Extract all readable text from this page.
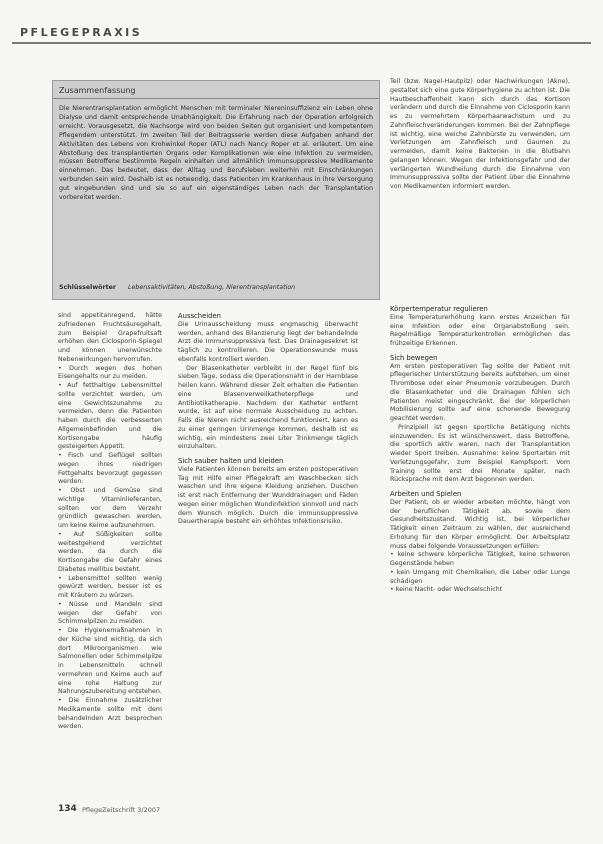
PFLEGEPRAXIS
Zusammenfassung
Die Nierentransplantation ermöglicht Menschen mit terminaler Niereninsuffizienz ein Leben ohne Dialyse und damit entsprechende Unabhängigkeit. Die Erfahrung nach der Operation erfolgreich erreicht. Vorausgesetzt, die Nachsorge wird von beiden Seiten gut organisiert und kompetentem Pflegendem unterstützt. Im zweiten Teil der Beitragsserie werden diese Aufgaben anhand der Aktivitäten des Lebens von Krohwinkel Roper (ATL) nach Nancy Roper et al. erläutert. Um eine Abstoßung des transplantierten Organs oder Komplikationen wie eine Infektion zu vermeiden, müssen Betroffene bestimmte Regeln einhalten und allmählich immunsuppressive Medikamente einnehmen. Das bedeutet, dass der Alltag und Berufsleben weiterhin mit Einschränkungen verbunden sein wird. Deshalb ist es notwendig, dass Patienten im Krankenhaus in ihre Versorgung gut eingebunden sind und sie so auf ein eigenständiges Leben nach der Transplantation vorbereitet werden.
Schlüsselwörter Lebensaktivitäten, Abstoßung, Nierentransplantation
Teil (bzw. Nagel-Hautpilz) oder Nachwirkungen (Akne), gestaltet sich eine gute Körperhygiene zu achten ist. Die Hautbeschaffenheit kann sich durch das Kortison verändern und durch die Einnahme von Ciclosporin kann es zu vermehrtem Körperhaarwachstum und zu Zahnfleischveränderungen kommen. Bei der Zahnpflege ist wichtig, eine weiche Zahnbürste zu verwenden, um Verletzungen am Zahnfleisch und Gaumen zu vermeiden, damit keine Bakterien in die Blutbahn gelangen können. Wegen der Infektionsgefahr und der verlängerten Wundheilung durch die Einnahme von Immunsuppressiva sollte der Patient über die Einnahme von Medikamenten informiert werden.

sind appetitanregend, hätte zufriedenen Fruchtsäuregehalt, zum Beispiel Grapefruitsaft erhöhen den Ciclosporin-Spiegel und können unerwünschte Nebenwirkungen hervorrufen.

• Durch wegen des hohen Eisengehalts nur zu meiden.

• Auf fetthaltige Lebensmittel sollte verzichtet werden, um eine Gewichtszunahme zu vermeiden, denn die Patienten haben durch die verbesserten Allgemeinbefinden und die Kortisongabe häufig gesteigerten Appetit.

• Fisch und Geflügel sollten wegen ihres niedrigen Fettgehalts bevorzugt gegessen werden.

• Obst und Gemüse sind wichtige Vitaminlieferanten, sollten vor dem Verzehr gründlich gewaschen werden, um keine Keime aufzunehmen.

• Auf Süßigkeiten sollte weitestgehend verzichtet werden, da durch die Kortisongabe die Gefahr eines Diabetes mellitus besteht.

• Lebensmittel sollten wenig gewürzt werden, besser ist es mit Kräutern zu würzen.

• Nüsse und Mandeln sind wegen der Gefahr von Schimmelpilzen zu meiden.

• Die Hygienemaßnahmen in der Küche sind wichtig, da sich dort Mikroorganismen wie Salmonellen oder Schimmelpilze in Lebensmitteln schnell vermehren und Keime auch auf eine rohe Haltung zur Nahrungszubereitung entstehen.

• Die Einnahme zusätzlicher Medikamente sollte mit dem behandelnden Arzt besprochen werden.

Ausscheiden

Die Urinausscheidung muss engmaschig überwacht werden, anhand des Bilanzierung liegt der behandelnde Arzt die Immunsuppressiva fest. Das Drainagesekret ist täglich zu kontrollieren. Die Operationswunde muss ebenfalls kontrolliert werden.

Der Blasenkatheter verbleibt in der Regel fünf bis sieben Tage, sodass die Operationsnaht in der Harnblase heilen kann. Während dieser Zeit erhalten die Patienten eine Blasenverweilkatheterpflege und Antibiotikatherapie. Nachdem der Katheter entfernt wurde, ist auf eine normale Ausscheidung zu achten. Falls die Nieren nicht ausreichend funktioniert, kann es zu einer geringen Urinmenge kommen, deshalb ist es wichtig, ein mindestens zwei Liter Trinkmenge täglich einzuhalten.

Sich sauber halten und kleiden

Viele Patienten können bereits am ersten postoperativen Tag mit Hilfe einer Pflegekraft am Waschbecken sich waschen und ihre eigene Kleidung anziehen. Duschen ist erst nach Entfernung der Wunddrainagen und Fäden wegen einer möglichen Wundinfektion sinnvoll und nach dem Wunsch möglich. Durch die immunsuppressive Dauertherapie besteht ein erhöhtes Infektionsrisiko.

Körpertemperatur regulieren

Eine Temperaturerhöhung kann erstes Anzeichen für eine Infektion oder eine Organabstoßung sein. Regelmäßige Temperaturkontrollen ermöglichen das frühzeitige Erkennen.

Sich bewegen

Am ersten postoperativen Tag sollte der Patient mit pflegerischer Unterstützung bereits aufstehen, um einer Thrombose oder einer Pneumonie vorzubeugen. Durch die Blasenkatheter und die Drainagen fühlen sich Patienten meist eingeschränkt. Bei der körperlichen Mobilisierung sollte auf eine schonende Bewegung geachtet werden.

Prinzipiell ist gegen sportliche Betätigung nichts einzuwenden. Es ist wünschenswert, dass Betroffene, die sportlich aktiv waren, nach der Transplantation wieder Sport treiben. Ausnahme: keine Sportarten mit Verletzungsgefahr, zum Beispiel Kampfsport. Vom Training sollte erst drei Monate später, nach Rücksprache mit dem Arzt begonnen werden.

Arbeiten und Spielen

Der Patient, ob er wieder arbeiten möchte, hängt von der beruflichen Tätigkeit ab, sowie dem Gesundheitszustand. Wichtig ist, bei körperlicher Tätigkeit einen Zeitraum zu wählen, der ausreichend Erholung für den Körper ermöglicht. Der Arbeitsplatz muss dabei folgende Voraussetzungen erfüllen:

• keine schwere körperliche Tätigkeit, keine schweren Gegenstände heben

• kein Umgang mit Chemikalien, die Leber oder Lunge schädigen

• keine Nacht- oder Wechselschicht

134 PflegeZeitschrift 3/2007
